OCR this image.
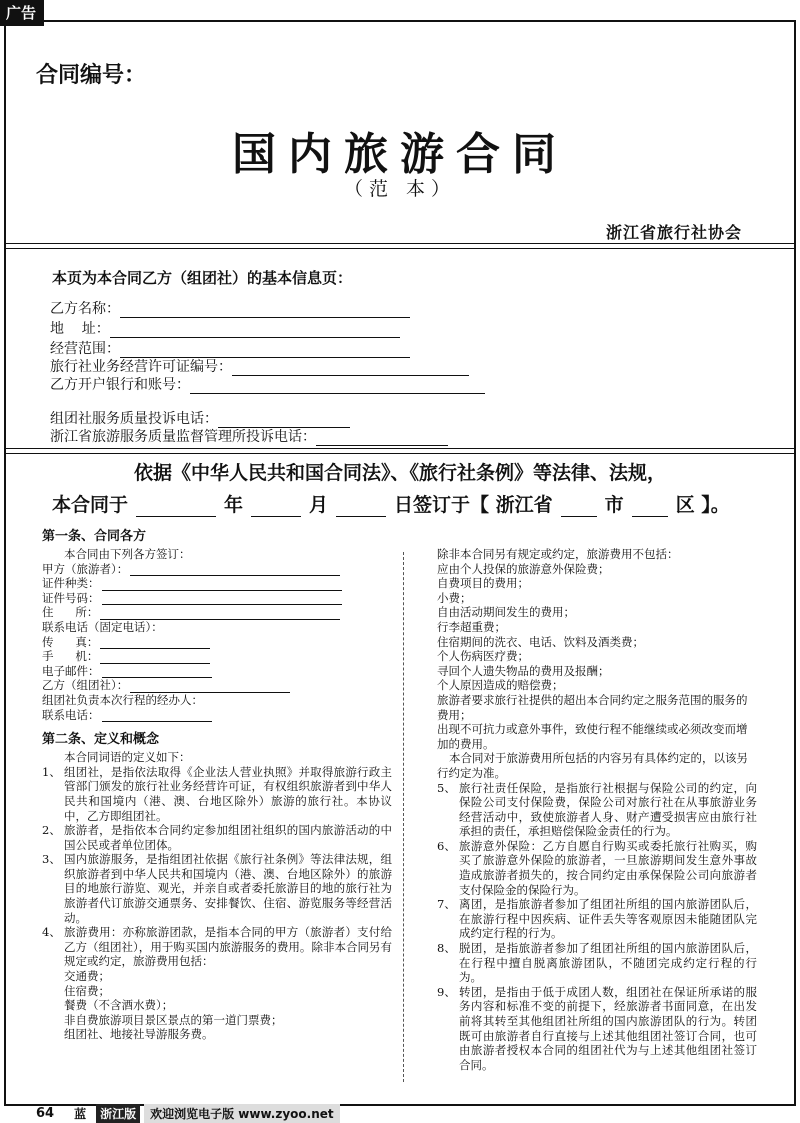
广告
合同编号：
国内旅游合同
（范 本）
浙江省旅行社协会
本页为本合同乙方（组团社）的基本信息页：
乙方名称：
地    址：
经营范围：
旅行社业务经营许可证编号：
乙方开户银行和账号：
组团社服务质量投诉电话：
浙江省旅游服务质量监督管理所投诉电话：
依据《中华人民共和国合同法》、《旅行社条例》等法律、法规，
本合同于	年	月	日签订于【 浙江省	市	区 】。
第一条、合同各方
本合同由下列各方签订：
甲方（旅游者）：
证件种类：
证件号码：
住      所：
联系电话（固定电话）：
传      真：
手      机：
电子邮件：
乙方（组团社）：
组团社负责本次行程的经办人：
联系电话：
第二条、定义和概念
本合同词语的定义如下：
1、 组团社，是指依法取得《企业法人营业执照》并取得旅游行政主管部门颁发的旅行社业务经营许可证，有权组织旅游者到中华人民共和国境内（港、澳、台地区除外）旅游的旅行社。本协议中，乙方即组团社。
2、 旅游者，是指依本合同约定参加组团社组织的国内旅游活动的中国公民或者单位团体。
3、 国内旅游服务，是指组团社依据《旅行社条例》等法律法规，组织旅游者到中华人民共和国境内（港、澳、台地区除外）的旅游目的地旅行游览、观光，并亲自或者委托旅游目的地的旅行社为旅游者代订旅游交通票务、安排餐饮、住宿、游览服务等经营活动。
4、 旅游费用：亦称旅游团款，是指本合同的甲方（旅游者）支付给乙方（组团社），用于购买国内旅游服务的费用。除非本合同另有规定或约定，旅游费用包括：
交通费；
住宿费；
餐费（不含酒水费）；
非自费旅游项目景区景点的第一道门票费；
组团社、地接社导游服务费。
除非本合同另有规定或约定，旅游费用不包括：
应由个人投保的旅游意外保险费；
自费项目的费用；
小费；
自由活动期间发生的费用；
行李超重费；
住宿期间的洗衣、电话、饮料及酒类费；
个人伤病医疗费；
寻回个人遗失物品的费用及报酬；
个人原因造成的赔偿费；
旅游者要求旅行社提供的超出本合同约定之服务范围的服务的费用；
出现不可抗力或意外事件，致使行程不能继续或必须改变而增加的费用。
本合同对于旅游费用所包括的内容另有具体约定的，以该另行约定为准。
5、 旅行社责任保险，是指旅行社根据与保险公司的约定，向保险公司支付保险费，保险公司对旅行社在从事旅游业务经营活动中，致使旅游者人身、财产遭受损害应由旅行社承担的责任，承担赔偿保险金责任的行为。
6、 旅游意外保险：乙方自愿自行购买或委托旅行社购买，购买了旅游意外保险的旅游者，一旦旅游期间发生意外事故造成旅游者损失的，按合同约定由承保保险公司向旅游者支付保险金的保险行为。
7、 离团，是指旅游者参加了组团社所组的国内旅游团队后，在旅游行程中因疾病、证件丢失等客观原因未能随团队完成约定行程的行为。
8、 脱团，是指旅游者参加了组团社所组的国内旅游团队后，在行程中擅自脱离旅游团队，不随团完成约定行程的行为。
9、 转团，是指由于低于成团人数，组团社在保证所承诺的服务内容和标准不变的前提下，经旅游者书面同意，在出发前将其转至其他组团社所组的国内旅游团队的行为。转团既可由旅游者自行直接与上述其他组团社签订合同，也可由旅游者授权本合同的组团社代为与上述其他组团社签订合同。
64 蓝	浙江版	欢迎浏览电子版 www.zyoo.net
